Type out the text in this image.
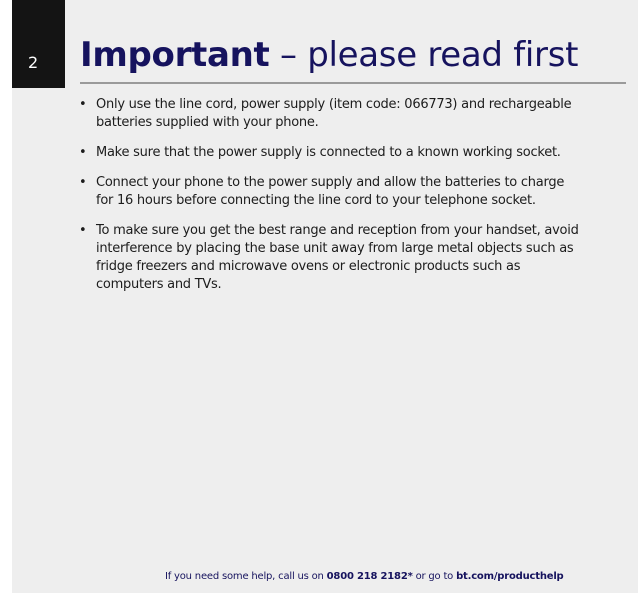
2	Important – please read first
• Only use the line cord, power supply (item code: 066773) and rechargeable batteries supplied with your phone.
• Make sure that the power supply is connected to a known working socket.
• Connect your phone to the power supply and allow the batteries to charge for 16 hours before connecting the line cord to your telephone socket.
• To make sure you get the best range and reception from your handset, avoid interference by placing the base unit away from large metal objects such as fridge freezers and microwave ovens or electronic products such as computers and TVs.
If you need some help, call us on 0800 218 2182* or go to bt.com/producthelp
